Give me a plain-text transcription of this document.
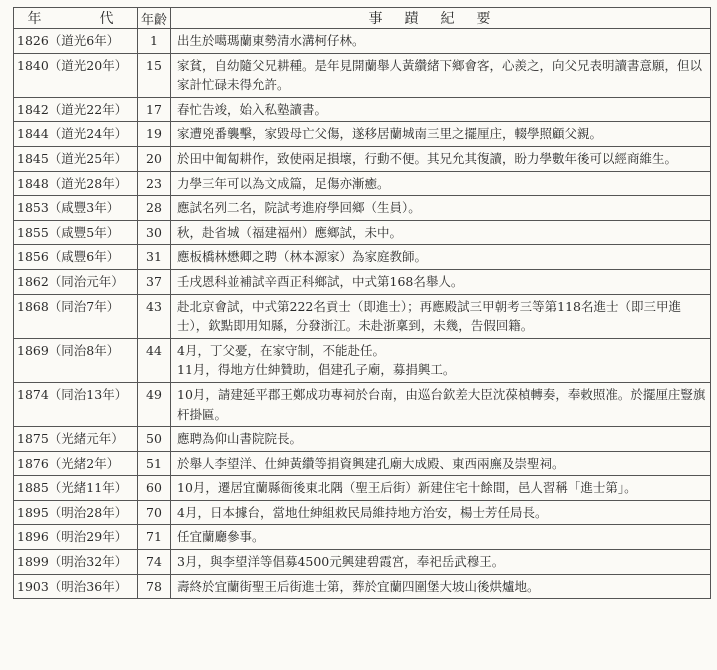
年　　代	年齡	事蹟紀要
1826（道光6年）	1	出生於噶瑪蘭東勢清水溝柯仔林。

1840（道光20年）	15	家貧，自幼隨父兄耕種。是年見開蘭舉人黃纘緒下鄉會客，心羨之，向父兄表明讀書意願，但以家計忙碌未得允許。

1842（道光22年）	17	春忙告竣，始入私塾讀書。

1844（道光24年）	19	家遭兇番襲擊，家毀母亡父傷，遂移居蘭城南三里之擺厘庄，輟學照顧父親。

1845（道光25年）	20	於田中匍匐耕作，致使兩足損壞，行動不便。其兄允其復讀，盼力學數年後可以經商維生。

1848（道光28年）	23	力學三年可以為文成篇，足傷亦漸癒。

1853（咸豐3年）	28	應試名列二名，院試考進府學回鄉（生員）。

1855（咸豐5年）	30	秋，赴省城（福建福州）應鄉試，未中。

1856（咸豐6年）	31	應板橋林懋卿之聘（林本源家）為家庭教師。

1862（同治元年）	37	壬戌恩科並補試辛酉正科鄉試，中式第168名舉人。

1868（同治7年）	43	赴北京會試，中式第222名貢士（即進士）；再應殿試三甲朝考三等第118名進士（即三甲進士），欽點即用知縣，分發浙江。未赴浙稟到，未幾，告假回籍。

1869（同治8年）	44	4月，丁父憂，在家守制，不能赴任。
11月，得地方仕紳贊助，倡建孔子廟，募捐興工。

1874（同治13年）	49	10月，請建延平郡王鄭成功專祠於台南，由巡台欽差大臣沈葆楨轉奏，奉敕照准。於擺厘庄豎旗杆掛匾。

1875（光緒元年）	50	應聘為仰山書院院長。

1876（光緒2年）	51	於舉人李望洋、仕紳黃纘等捐資興建孔廟大成殿、東西兩廡及崇聖祠。

1885（光緒11年）	60	10月，遷居宜蘭縣衙後東北隅（聖王后街）新建住宅十餘間，邑人習稱「進士第」。

1895（明治28年）	70	4月，日本據台，當地仕紳組救民局維持地方治安，楊士芳任局長。

1896（明治29年）	71	任宜蘭廳參事。

1899（明治32年）	74	3月，與李望洋等倡募4500元興建碧霞宮，奉祀岳武穆王。

1903（明治36年）	78	壽終於宜蘭街聖王后街進士第，葬於宜蘭四圍堡大坡山後烘爐地。
